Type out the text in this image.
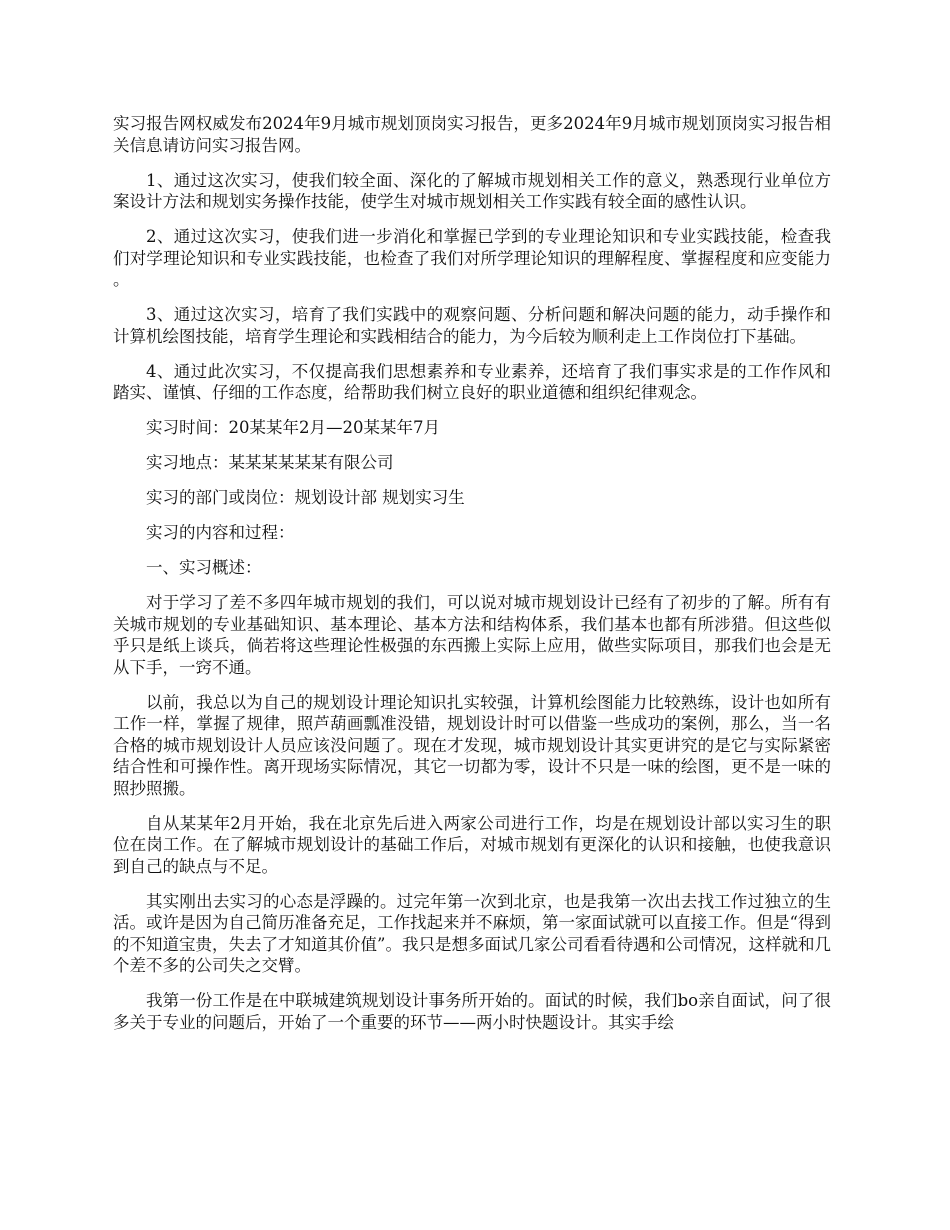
实习报告网权威发布2024年9月城市规划顶岗实习报告，更多2024年9月城市规划顶岗实习报告相关信息请访问实习报告网。

1、通过这次实习，使我们较全面、深化的了解城市规划相关工作的意义，熟悉现行业单位方案设计方法和规划实务操作技能，使学生对城市规划相关工作实践有较全面的感性认识。

2、通过这次实习，使我们进一步消化和掌握已学到的专业理论知识和专业实践技能，检查我们对学理论知识和专业实践技能，也检查了我们对所学理论知识的理解程度、掌握程度和应变能力。

3、通过这次实习，培育了我们实践中的观察问题、分析问题和解决问题的能力，动手操作和计算机绘图技能，培育学生理论和实践相结合的能力，为今后较为顺利走上工作岗位打下基础。

4、通过此次实习，不仅提高我们思想素养和专业素养，还培育了我们事实求是的工作作风和踏实、谨慎、仔细的工作态度，给帮助我们树立良好的职业道德和组织纪律观念。

实习时间：20某某年2月—20某某年7月

实习地点：某某某某某某有限公司

实习的部门或岗位：规划设计部 规划实习生

实习的内容和过程：

一、实习概述：

对于学习了差不多四年城市规划的我们，可以说对城市规划设计已经有了初步的了解。所有有关城市规划的专业基础知识、基本理论、基本方法和结构体系，我们基本也都有所涉猎。但这些似乎只是纸上谈兵，倘若将这些理论性极强的东西搬上实际上应用，做些实际项目，那我们也会是无从下手，一窍不通。

以前，我总以为自己的规划设计理论知识扎实较强，计算机绘图能力比较熟练，设计也如所有工作一样，掌握了规律，照芦葫画瓢准没错，规划设计时可以借鉴一些成功的案例，那么，当一名合格的城市规划设计人员应该没问题了。现在才发现，城市规划设计其实更讲究的是它与实际紧密结合性和可操作性。离开现场实际情况，其它一切都为零，设计不只是一味的绘图，更不是一味的照抄照搬。

自从某某年2月开始，我在北京先后进入两家公司进行工作，均是在规划设计部以实习生的职位在岗工作。在了解城市规划设计的基础工作后，对城市规划有更深化的认识和接触，也使我意识到自己的缺点与不足。

其实刚出去实习的心态是浮躁的。过完年第一次到北京，也是我第一次出去找工作过独立的生活。或许是因为自己简历准备充足，工作找起来并不麻烦，第一家面试就可以直接工作。但是“得到的不知道宝贵，失去了才知道其价值”。我只是想多面试几家公司看看待遇和公司情况，这样就和几个差不多的公司失之交臂。

我第一份工作是在中联城建筑规划设计事务所开始的。面试的时候，我们bo亲自面试，问了很多关于专业的问题后，开始了一个重要的环节——两小时快题设计。其实手绘
